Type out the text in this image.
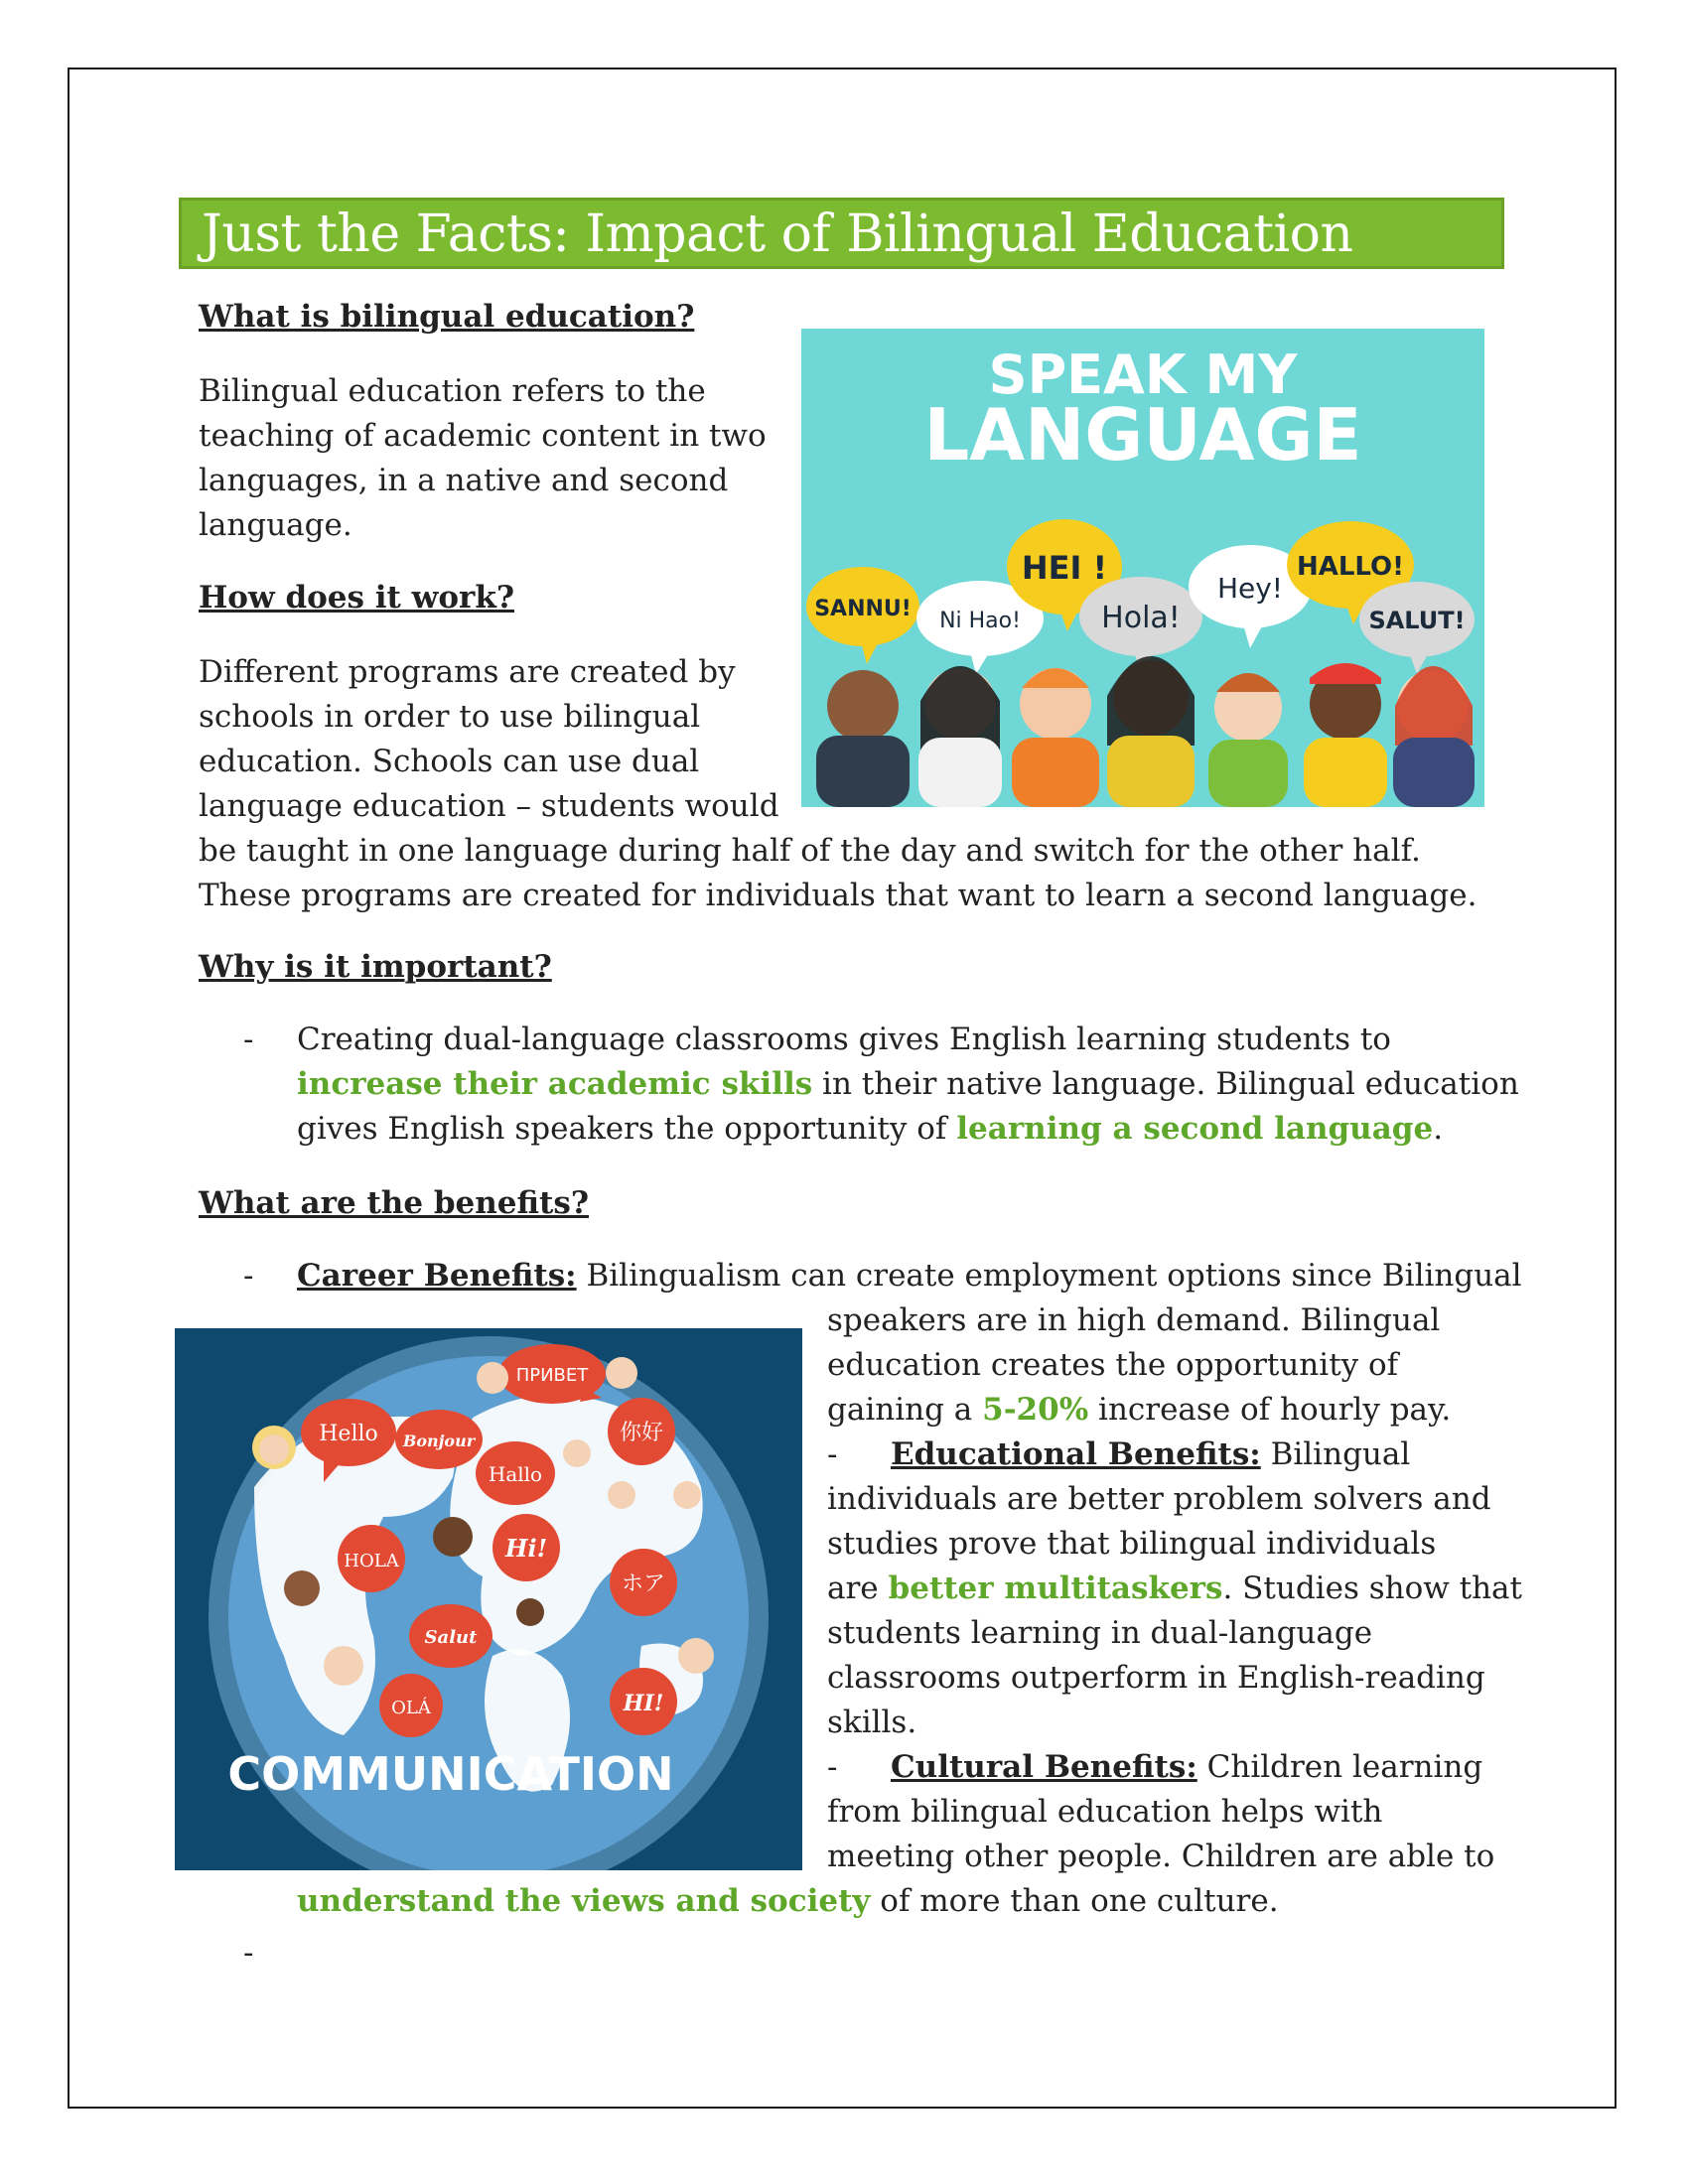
Just the Facts: Impact of Bilingual Education
What is bilingual education?
Bilingual education refers to the
teaching of academic content in two
languages, in a native and second
language.
How does it work?
Different programs are created by
schools in order to use bilingual
education. Schools can use dual
language education – students would
be taught in one language during half of the day and switch for the other half.
These programs are created for individuals that want to learn a second language.
SPEAK MY
LANGUAGE
SANNU! Ni Hao!
HEI !
Hola!
Hey!
HALLO!
SALUT!
Why is it important?
- Creating dual-language classrooms gives English learning students to
increase their academic skills in their native language. Bilingual education
gives English speakers the opportunity of learning a second language.
What are the benefits?
- Career Benefits: Bilingualism can create employment options since Bilingual
speakers are in high demand. Bilingual
education creates the opportunity of
gaining a 5-20% increase of hourly pay.
- Educational Benefits: Bilingual
individuals are better problem solvers and
studies prove that bilingual individuals
are better multitaskers. Studies show that
students learning in dual-language
classrooms outperform in English-reading
skills.
- Cultural Benefits: Children learning
from bilingual education helps with
meeting other people. Children are able to
understand the views and society of more than one culture.
-
Hello Bonjour
ПРИВЕТ
你好
Hallo
Hi!
HOLA
ホア
Salut
OLÁ	HI!
COMMUNICATION
